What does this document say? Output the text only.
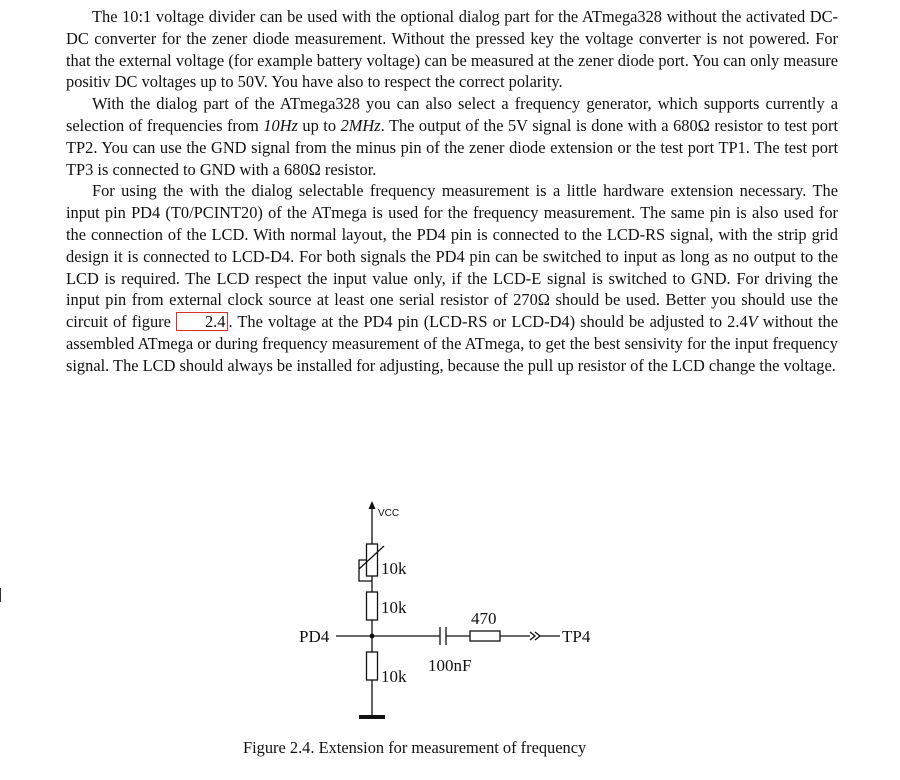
The 10:1 voltage divider can be used with the optional dialog part for the ATmega328 without the activated DC-DC converter for the zener diode measurement. Without the pressed key the voltage converter is not powered. For that the external voltage (for example battery voltage) can be measured at the zener diode port. You can only measure positiv DC voltages up to 50V. You have also to respect the correct polarity.

With the dialog part of the ATmega328 you can also select a frequency generator, which supports currently a selection of frequencies from 10Hz up to 2MHz. The output of the 5V signal is done with a 680Ω resistor to test port TP2. You can use the GND signal from the minus pin of the zener diode extension or the test port TP1. The test port TP3 is connected to GND with a 680Ω resistor.

For using the with the dialog selectable frequency measurement is a little hardware extension necessary. The input pin PD4 (T0/PCINT20) of the ATmega is used for the frequency measurement. The same pin is also used for the connection of the LCD. With normal layout, the PD4 pin is connected to the LCD-RS signal, with the strip grid design it is connected to LCD-D4. For both signals the PD4 pin can be switched to input as long as no output to the LCD is required. The LCD respect the input value only, if the LCD-E signal is switched to GND. For driving the input pin from external clock source at least one serial resistor of 270Ω should be used. Better you should use the circuit of figure 2.4 . The voltage at the PD4 pin (LCD-RS or LCD-D4) should be adjusted to 2.4V without the assembled ATmega or during frequency measurement of the ATmega, to get the best sensivity for the input frequency signal. The LCD should always be installed for adjusting, because the pull up resistor of the LCD change the voltage.

VCC
10k
10k
10k
470
100nF
PD4	TP4
Figure 2.4. Extension for measurement of frequency
